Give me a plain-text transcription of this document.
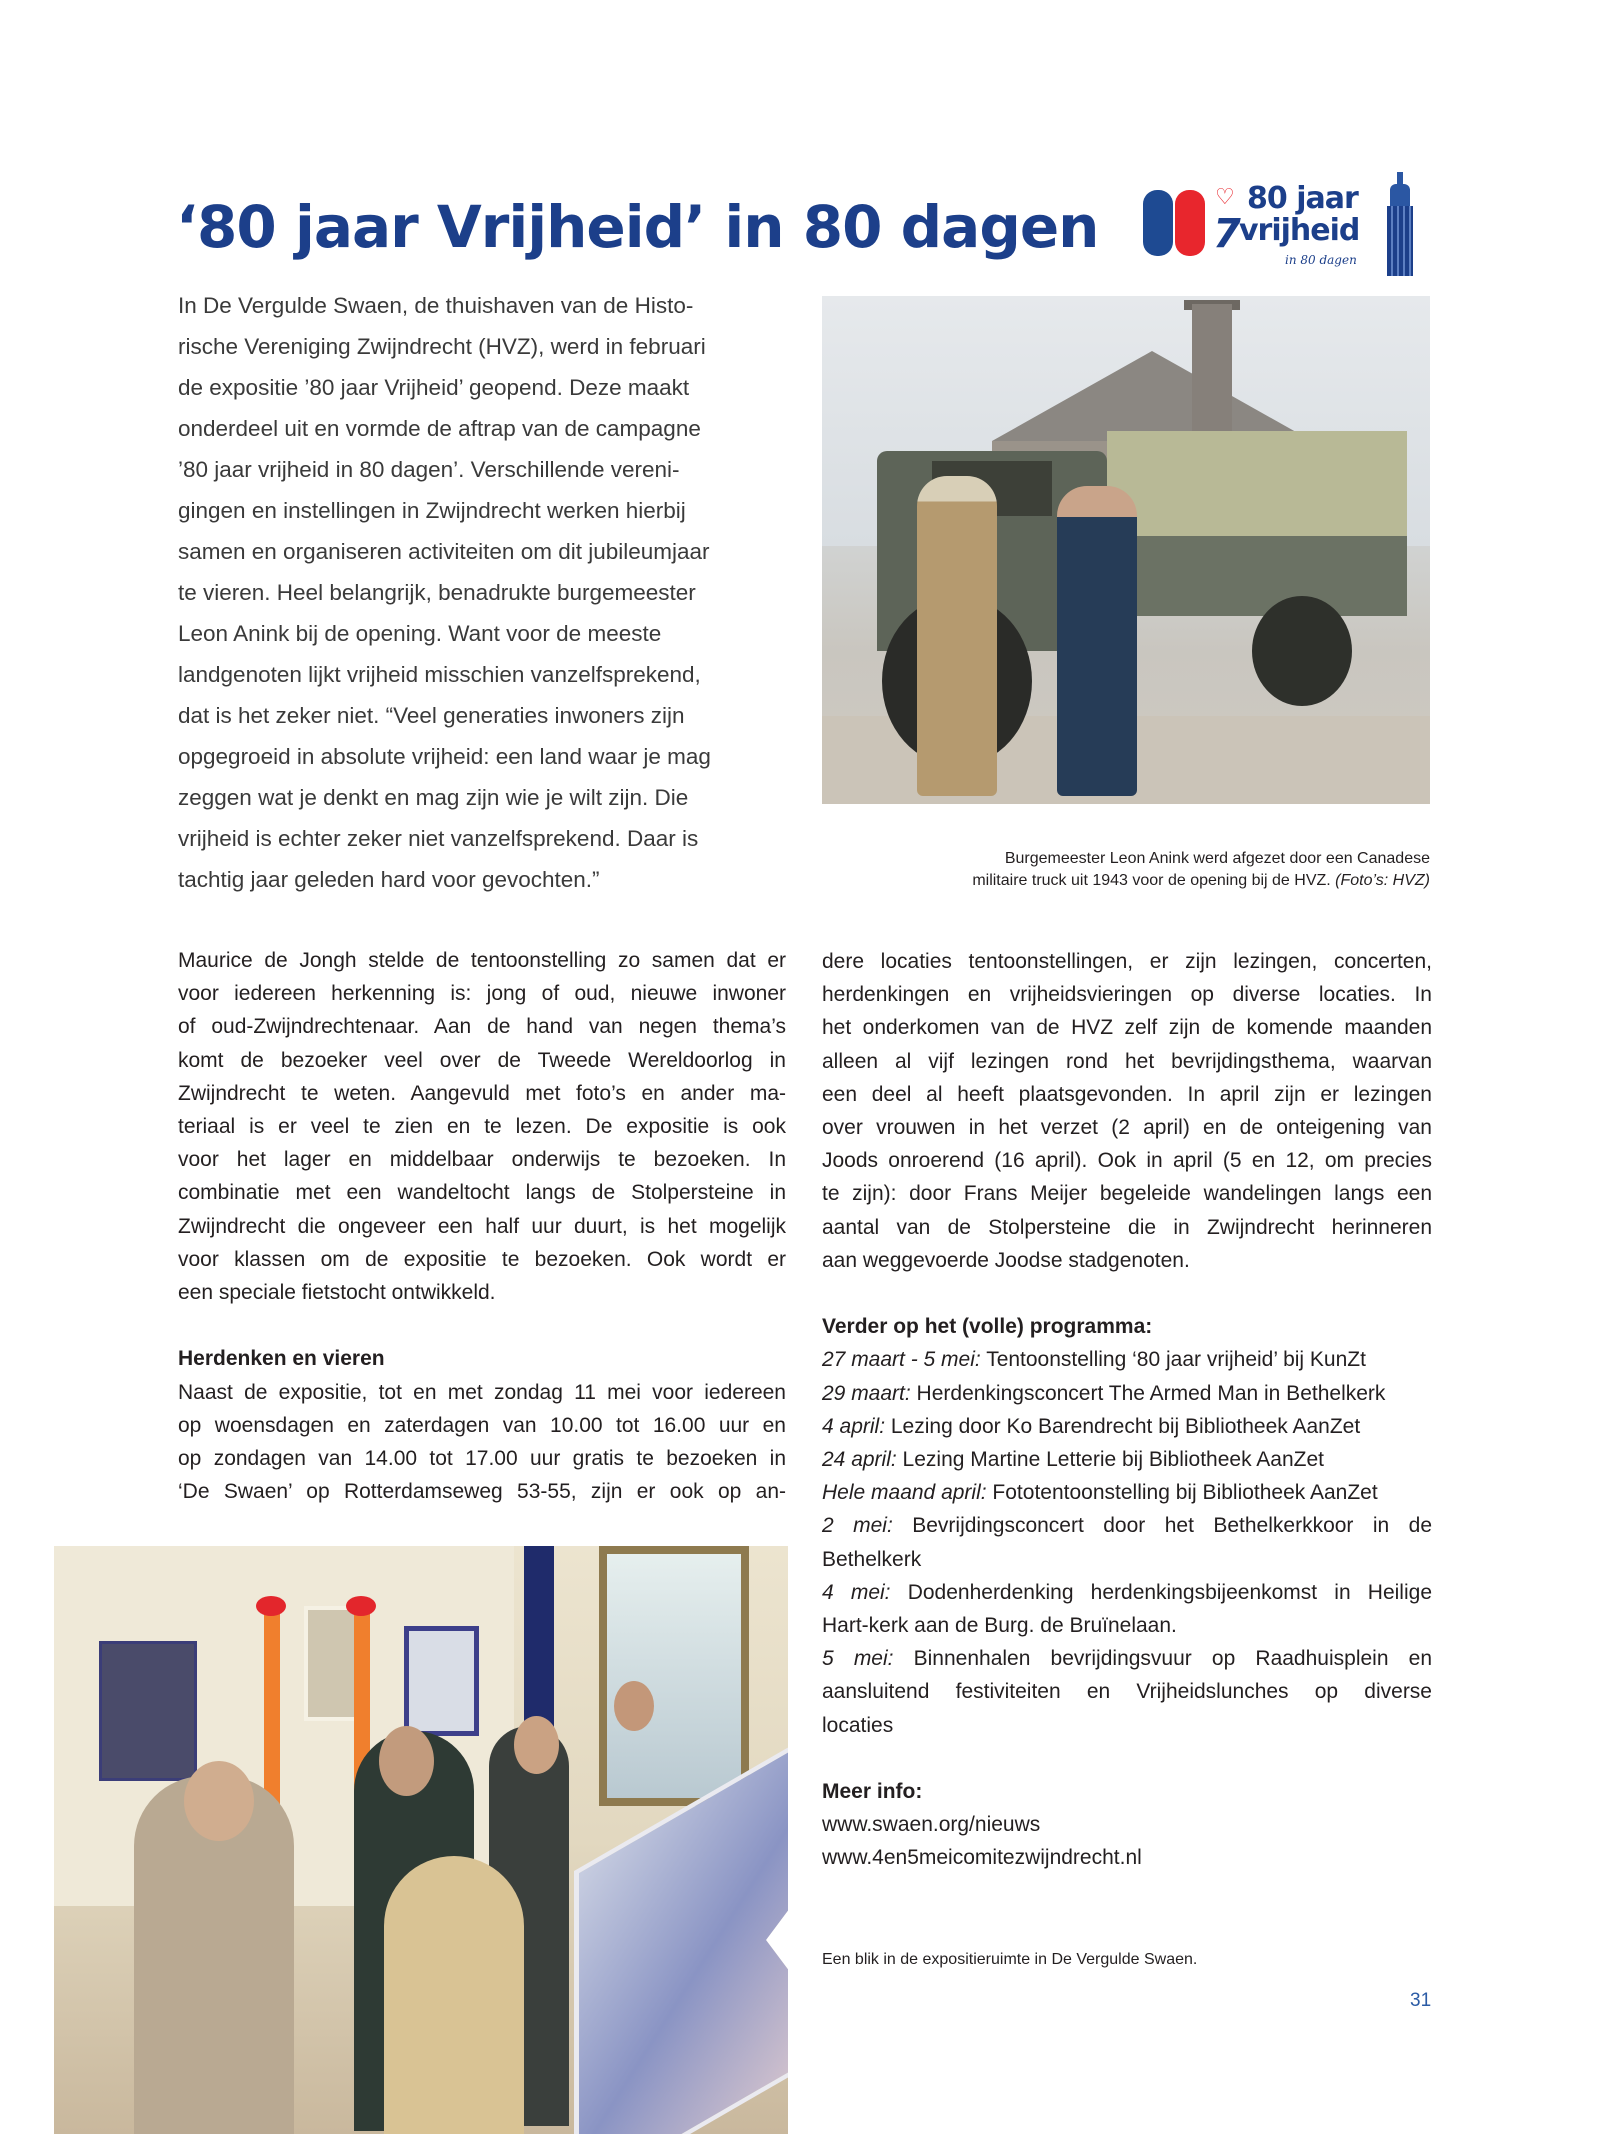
‘80 jaar Vrijheid’ in 80 dagen	♡
7
80 jaar
vrijheid
in 80 dagen
In De Vergulde Swaen, de thuishaven van de Histo-
rische Vereniging Zwijndrecht (HVZ), werd in februari
de expositie ’80 jaar Vrijheid’ geopend. Deze maakt
onderdeel uit en vormde de aftrap van de campagne
’80 jaar vrijheid in 80 dagen’. Verschillende vereni-
gingen en instellingen in Zwijndrecht werken hierbij
samen en organiseren activiteiten om dit jubileumjaar
te vieren. Heel belangrijk, benadrukte burgemeester
Leon Anink bij de opening. Want voor de meeste
landgenoten lijkt vrijheid misschien vanzelfsprekend,
dat is het zeker niet. “Veel generaties inwoners zijn
opgegroeid in absolute vrijheid: een land waar je mag
zeggen wat je denkt en mag zijn wie je wilt zijn. Die
vrijheid is echter zeker niet vanzelfsprekend. Daar is
tachtig jaar geleden hard voor gevochten.”
Burgemeester Leon Anink werd afgezet door een Canadese
militaire truck uit 1943 voor de opening bij de HVZ. (Foto’s: HVZ)
Maurice de Jongh stelde de tentoonstelling zo samen dat er
voor iedereen herkenning is: jong of oud, nieuwe inwoner
of oud-Zwijndrechtenaar. Aan de hand van negen thema’s
komt de bezoeker veel over de Tweede Wereldoorlog in
Zwijndrecht te weten. Aangevuld met foto’s en ander ma-
teriaal is er veel te zien en te lezen. De expositie is ook
voor het lager en middelbaar onderwijs te bezoeken. In
combinatie met een wandeltocht langs de Stolpersteine in
Zwijndrecht die ongeveer een half uur duurt, is het mogelijk
voor klassen om de expositie te bezoeken. Ook wordt er
een speciale fietstocht ontwikkeld.
Herdenken en vieren
Naast de expositie, tot en met zondag 11 mei voor iedereen
op woensdagen en zaterdagen van 10.00 tot 16.00 uur en
op zondagen van 14.00 tot 17.00 uur gratis te bezoeken in
‘De Swaen’ op Rotterdamseweg 53-55, zijn er ook op an-
dere locaties tentoonstellingen, er zijn lezingen, concerten,
herdenkingen en vrijheidsvieringen op diverse locaties. In
het onderkomen van de HVZ zelf zijn de komende maanden
alleen al vijf lezingen rond het bevrijdingsthema, waarvan
een deel al heeft plaatsgevonden. In april zijn er lezingen
over vrouwen in het verzet (2 april) en de onteigening van
Joods onroerend (16 april). Ook in april (5 en 12, om precies
te zijn): door Frans Meijer begeleide wandelingen langs een
aantal van de Stolpersteine die in Zwijndrecht herinneren
aan weggevoerde Joodse stadgenoten.
Verder op het (volle) programma:
27 maart - 5 mei: Tentoonstelling ‘80 jaar vrijheid’ bij KunZt
29 maart: Herdenkingsconcert The Armed Man in Bethelkerk
4 april: Lezing door Ko Barendrecht bij Bibliotheek AanZet
24 april: Lezing Martine Letterie bij Bibliotheek AanZet
Hele maand april: Fototentoonstelling bij Bibliotheek AanZet
2 mei: Bevrijdingsconcert door het Bethelkerkkoor in de
Bethelkerk
4 mei: Dodenherdenking herdenkingsbijeenkomst in Heilige
Hart-kerk aan de Burg. de Bruïnelaan.
5 mei: Binnenhalen bevrijdingsvuur op Raadhuisplein en
aansluitend festiviteiten en Vrijheidslunches op diverse
locaties
Meer info:
www.swaen.org/nieuws
www.4en5meicomitezwijndrecht.nl
Een blik in de expositieruimte in De Vergulde Swaen.
31
